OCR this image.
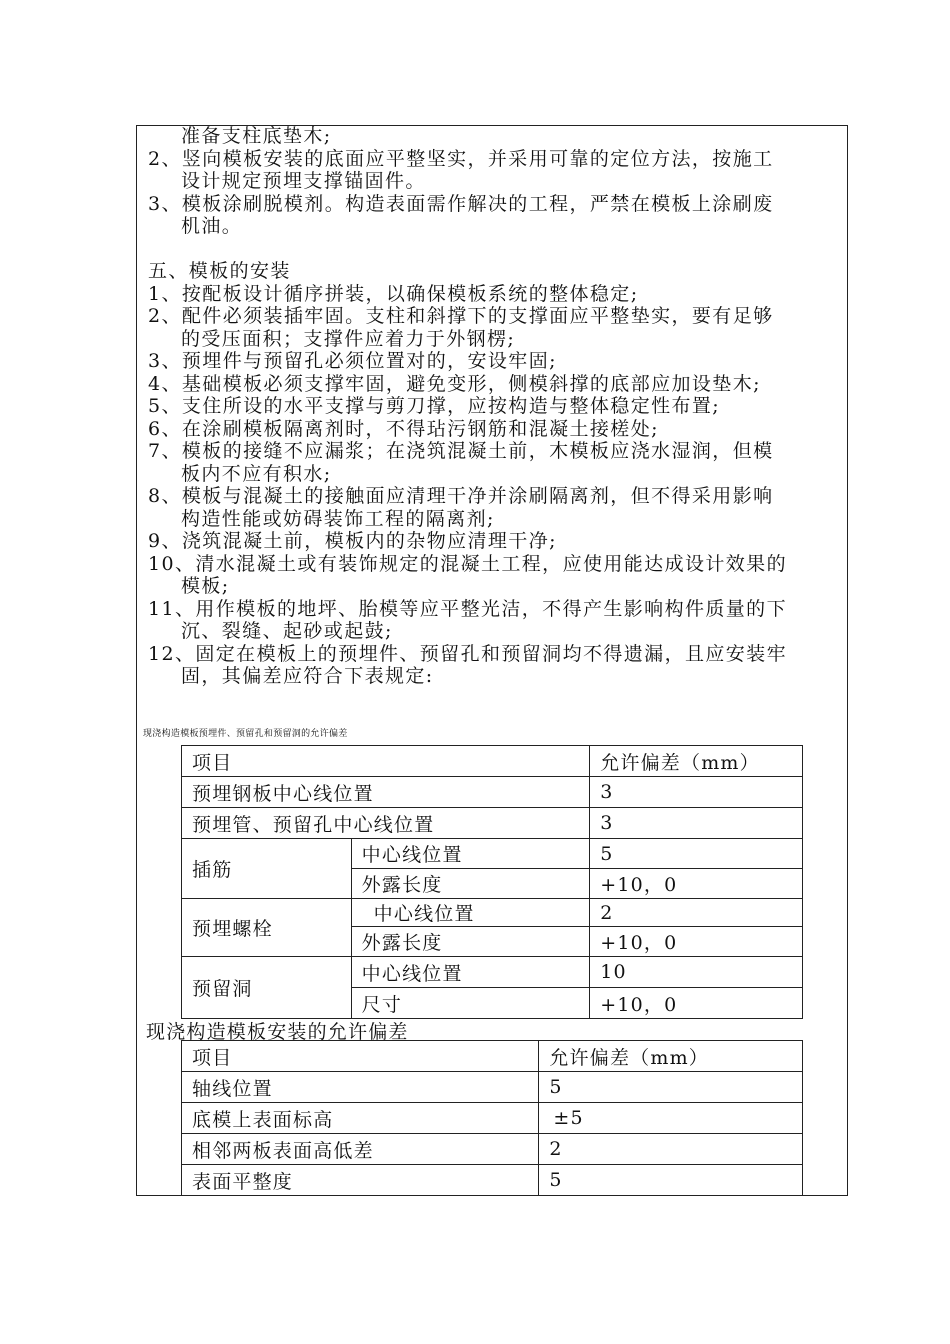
准备支柱底垫木;
2、竖向模板安装的底面应平整坚实，并采用可靠的定位方法，按施工
设计规定预埋支撑锚固件。
3、模板涂刷脱模剂。构造表面需作解决的工程，严禁在模板上涂刷废
机油。
五、模板的安装
1、按配板设计循序拼装，以确保模板系统的整体稳定;
2、配件必须装插牢固。支柱和斜撑下的支撑面应平整垫实，要有足够
的受压面积；支撑件应着力于外钢楞;
3、预埋件与预留孔必须位置对的，安设牢固;
4、基础模板必须支撑牢固，避免变形，侧模斜撑的底部应加设垫木;
5、支住所设的水平支撑与剪刀撑，应按构造与整体稳定性布置;
6、在涂刷模板隔离剂时，不得玷污钢筋和混凝土接槎处;
7、模板的接缝不应漏浆；在浇筑混凝土前，木模板应浇水湿润，但模
板内不应有积水;
8、模板与混凝土的接触面应清理干净并涂刷隔离剂，但不得采用影响
构造性能或妨碍装饰工程的隔离剂;
9、浇筑混凝土前，模板内的杂物应清理干净;
10、清水混凝土或有装饰规定的混凝土工程，应使用能达成设计效果的
模板;
11、用作模板的地坪、胎模等应平整光洁，不得产生影响构件质量的下
沉、裂缝、起砂或起鼓;
12、固定在模板上的预埋件、预留孔和预留洞均不得遗漏，且应安装牢
固，其偏差应符合下表规定:
现浇构造模板预埋件、预留孔和预留洞的允许偏差
项目		允许偏差（mm）
预埋钢板中心线位置		3
预埋管、预留孔中心线位置		3
插筋	中心线位置	5
	外露长度	+10，0
预埋螺栓	中心线位置	2
	外露长度	+10，0
预留洞	中心线位置	10
	尺寸	+10，0
现浇构造模板安装的允许偏差
项目	允许偏差（mm）
轴线位置	5
底模上表面标高	±5
相邻两板表面高低差	2
表面平整度	5
